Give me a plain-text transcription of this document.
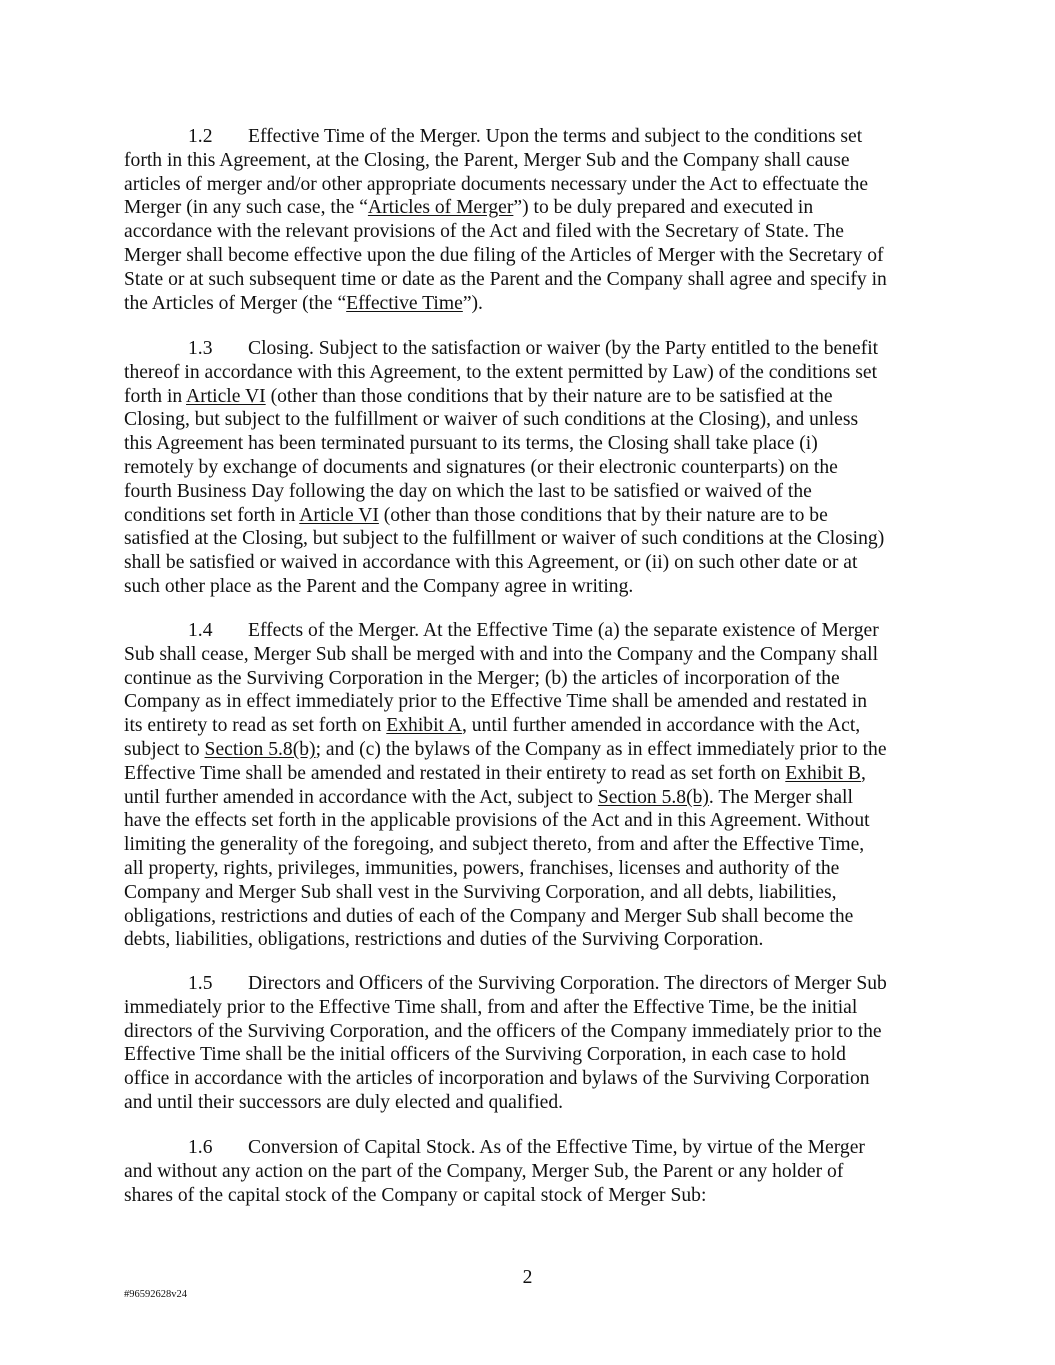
1.2 Effective Time of the Merger. Upon the terms and subject to the conditions set
forth in this Agreement, at the Closing, the Parent, Merger Sub and the Company shall cause
articles of merger and/or other appropriate documents necessary under the Act to effectuate the
Merger (in any such case, the “Articles of Merger”) to be duly prepared and executed in
accordance with the relevant provisions of the Act and filed with the Secretary of State. The
Merger shall become effective upon the due filing of the Articles of Merger with the Secretary of
State or at such subsequent time or date as the Parent and the Company shall agree and specify in
the Articles of Merger (the “Effective Time”).
1.3 Closing. Subject to the satisfaction or waiver (by the Party entitled to the benefit
thereof in accordance with this Agreement, to the extent permitted by Law) of the conditions set
forth in Article VI (other than those conditions that by their nature are to be satisfied at the
Closing, but subject to the fulfillment or waiver of such conditions at the Closing), and unless
this Agreement has been terminated pursuant to its terms, the Closing shall take place (i)
remotely by exchange of documents and signatures (or their electronic counterparts) on the
fourth Business Day following the day on which the last to be satisfied or waived of the
conditions set forth in Article VI (other than those conditions that by their nature are to be
satisfied at the Closing, but subject to the fulfillment or waiver of such conditions at the Closing)
shall be satisfied or waived in accordance with this Agreement, or (ii) on such other date or at
such other place as the Parent and the Company agree in writing.
1.4 Effects of the Merger. At the Effective Time (a) the separate existence of Merger
Sub shall cease, Merger Sub shall be merged with and into the Company and the Company shall
continue as the Surviving Corporation in the Merger; (b) the articles of incorporation of the
Company as in effect immediately prior to the Effective Time shall be amended and restated in
its entirety to read as set forth on Exhibit A, until further amended in accordance with the Act,
subject to Section 5.8(b); and (c) the bylaws of the Company as in effect immediately prior to the
Effective Time shall be amended and restated in their entirety to read as set forth on Exhibit B,
until further amended in accordance with the Act, subject to Section 5.8(b). The Merger shall
have the effects set forth in the applicable provisions of the Act and in this Agreement. Without
limiting the generality of the foregoing, and subject thereto, from and after the Effective Time,
all property, rights, privileges, immunities, powers, franchises, licenses and authority of the
Company and Merger Sub shall vest in the Surviving Corporation, and all debts, liabilities,
obligations, restrictions and duties of each of the Company and Merger Sub shall become the
debts, liabilities, obligations, restrictions and duties of the Surviving Corporation.
1.5 Directors and Officers of the Surviving Corporation. The directors of Merger Sub
immediately prior to the Effective Time shall, from and after the Effective Time, be the initial
directors of the Surviving Corporation, and the officers of the Company immediately prior to the
Effective Time shall be the initial officers of the Surviving Corporation, in each case to hold
office in accordance with the articles of incorporation and bylaws of the Surviving Corporation
and until their successors are duly elected and qualified.
1.6 Conversion of Capital Stock. As of the Effective Time, by virtue of the Merger
and without any action on the part of the Company, Merger Sub, the Parent or any holder of
shares of the capital stock of the Company or capital stock of Merger Sub:
2
#96592628v24
